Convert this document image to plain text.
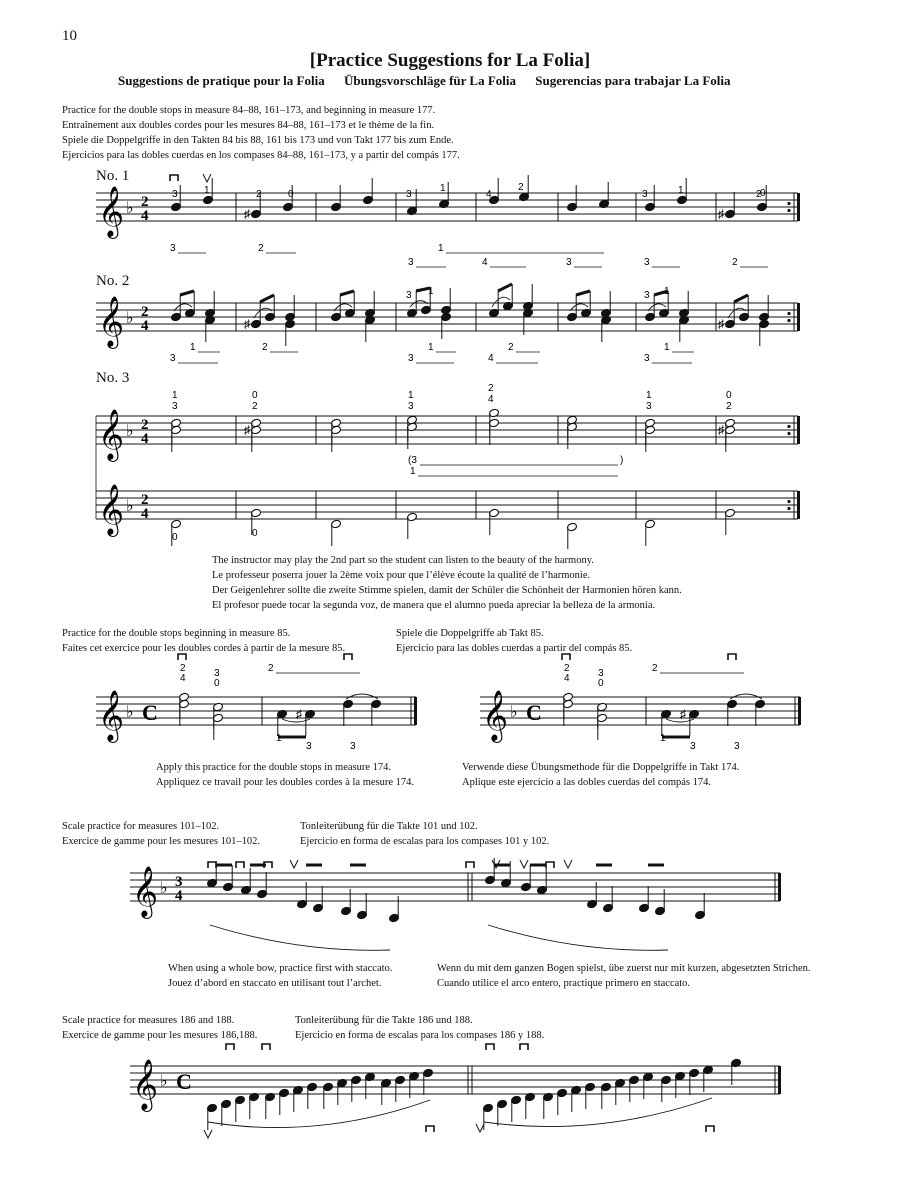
10
[Practice Suggestions for La Folia]
Suggestions de pratique pour la Folia Übungsvorschläge für La Folia Sugerencias para trabajar La Folia
Practice for the double stops in measure 84–88, 161–173, and beginning in measure 177.
Entraînement aux doubles cordes pour les mesures 84–88, 161–173 et le thème de la fin.
Spiele die Doppelgriffe in den Takten 84 bis 88, 161 bis 173 und von Takt 177 bis zum Ende.
Ejercicios para las dobles cuerdas en los compases 84–88, 161–173, y a partir del compás 177.
No. 1
No. 2
No. 3
The instructor may play the 2nd part so the student can listen to the beauty of the harmony.
Le professeur poserra jouer la 2ème voix pour que l’élève écoute la qualité de l’harmonie.
Der Geigenlehrer sollte die zweite Stimme spielen, damit der Schüler die Schönheit der Harmonien hören kann.
El profesor puede tocar la segunda voz, de manera que el alumno pueda apreciar la belleza de la armonía.
Practice for the double stops beginning in measure 85.
Faites cet exercice pour les doubles cordes à partir de la mesure 85.
Spiele die Doppelgriffe ab Takt 85.
Ejercicio para las dobles cuerdas a partir del compás 85.
Apply this practice for the double stops in measure 174.
Appliquez ce travail pour les doubles cordes à la mesure 174.
Verwende diese Übungsmethode für die Doppelgriffe in Takt 174.
Aplique este ejercicio a las dobles cuerdas del compás 174.
Scale practice for measures 101–102.
Exercice de gamme pour les mesures 101–102.
Tonleiterübung für die Takte 101 und 102.
Ejercicio en forma de escalas para los compases 101 y 102.
When using a whole bow, practice first with staccato.
Jouez d’abord en staccato en utilisant tout l’archet.
Wenn du mit dem ganzen Bogen spielst, übe zuerst nur mit kurzen, abgesetzten Strichen.
Cuando utilice el arco entero, practique primero en staccato.
Scale practice for measures 186 and 188.
Exercice de gamme pour les mesures 186,188.
Tonleiterübung für die Takte 186 und 188.
Ejercicio en forma de escalas para los compases 186 y 188.
𝄞 ♭ 2
4	♯	♯
3	1	2	0	3
1
4
2
3	1	2
0
3	2	1
3	4	3	3	2
𝄞 ♭ 2
4	♯	♯
3 1	3 1
3
1	2
3
1	2
4	3
1
𝄞
𝄞
♭
♭
2
4
2
4
♯	♯
1
3
0
2
1
3
2
4	1
3
0
2
0	0
(3	)
1
𝄞 ♭ C	♯
2
4	3
0
2
1
3	3
𝄞 ♭ C	♯
2
4	3
0
2
1
3	3
𝄞 ♭ 3
4
𝄞 ♭ C
